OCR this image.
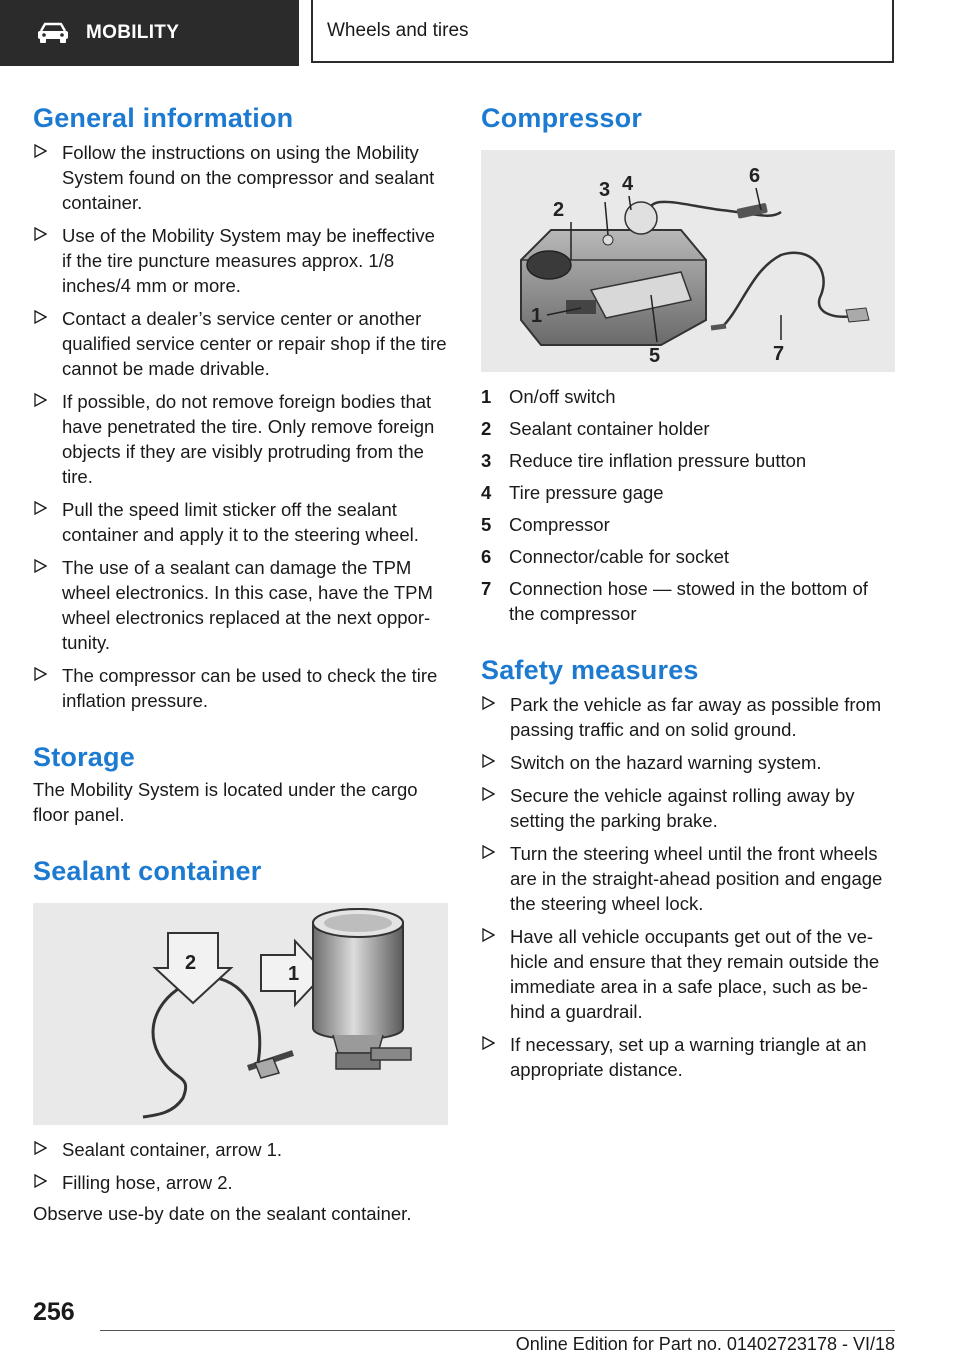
MOBILITY	Wheels and tires
General information
Follow the instructions on using the Mobility System found on the compressor and sealant container.
Use of the Mobility System may be ineffective if the tire puncture measures approx. 1/8 inches/4 mm or more.
Contact a dealer’s service center or another qualified service center or repair shop if the tire cannot be made drivable.
If possible, do not remove foreign bodies that have penetrated the tire. Only remove foreign objects if they are visibly protruding from the tire.
Pull the speed limit sticker off the sealant container and apply it to the steering wheel.
The use of a sealant can damage the TPM wheel electronics. In this case, have the TPM wheel electronics replaced at the next opportunity.
The compressor can be used to check the tire inflation pressure.
Storage

The Mobility System is located under the cargo floor panel.

Sealant container
2	1
Sealant container, arrow 1.
Filling hose, arrow 2.

Observe use-by date on the sealant container.

Compressor
1
2
3 4
5
6
7
1 On/off switch
2 Sealant container holder
3 Reduce tire inflation pressure button
4 Tire pressure gage
5 Compressor
6 Connector/cable for socket
7 Connection hose — stowed in the bottom of the compressor
Safety measures
Park the vehicle as far away as possible from passing traffic and on solid ground.
Switch on the hazard warning system.
Secure the vehicle against rolling away by setting the parking brake.
Turn the steering wheel until the front wheels are in the straight-ahead position and engage the steering wheel lock.
Have all vehicle occupants get out of the vehicle and ensure that they remain outside the immediate area in a safe place, such as behind a guardrail.
If necessary, set up a warning triangle at an appropriate distance.
256
Online Edition for Part no. 01402723178 - VI/18
